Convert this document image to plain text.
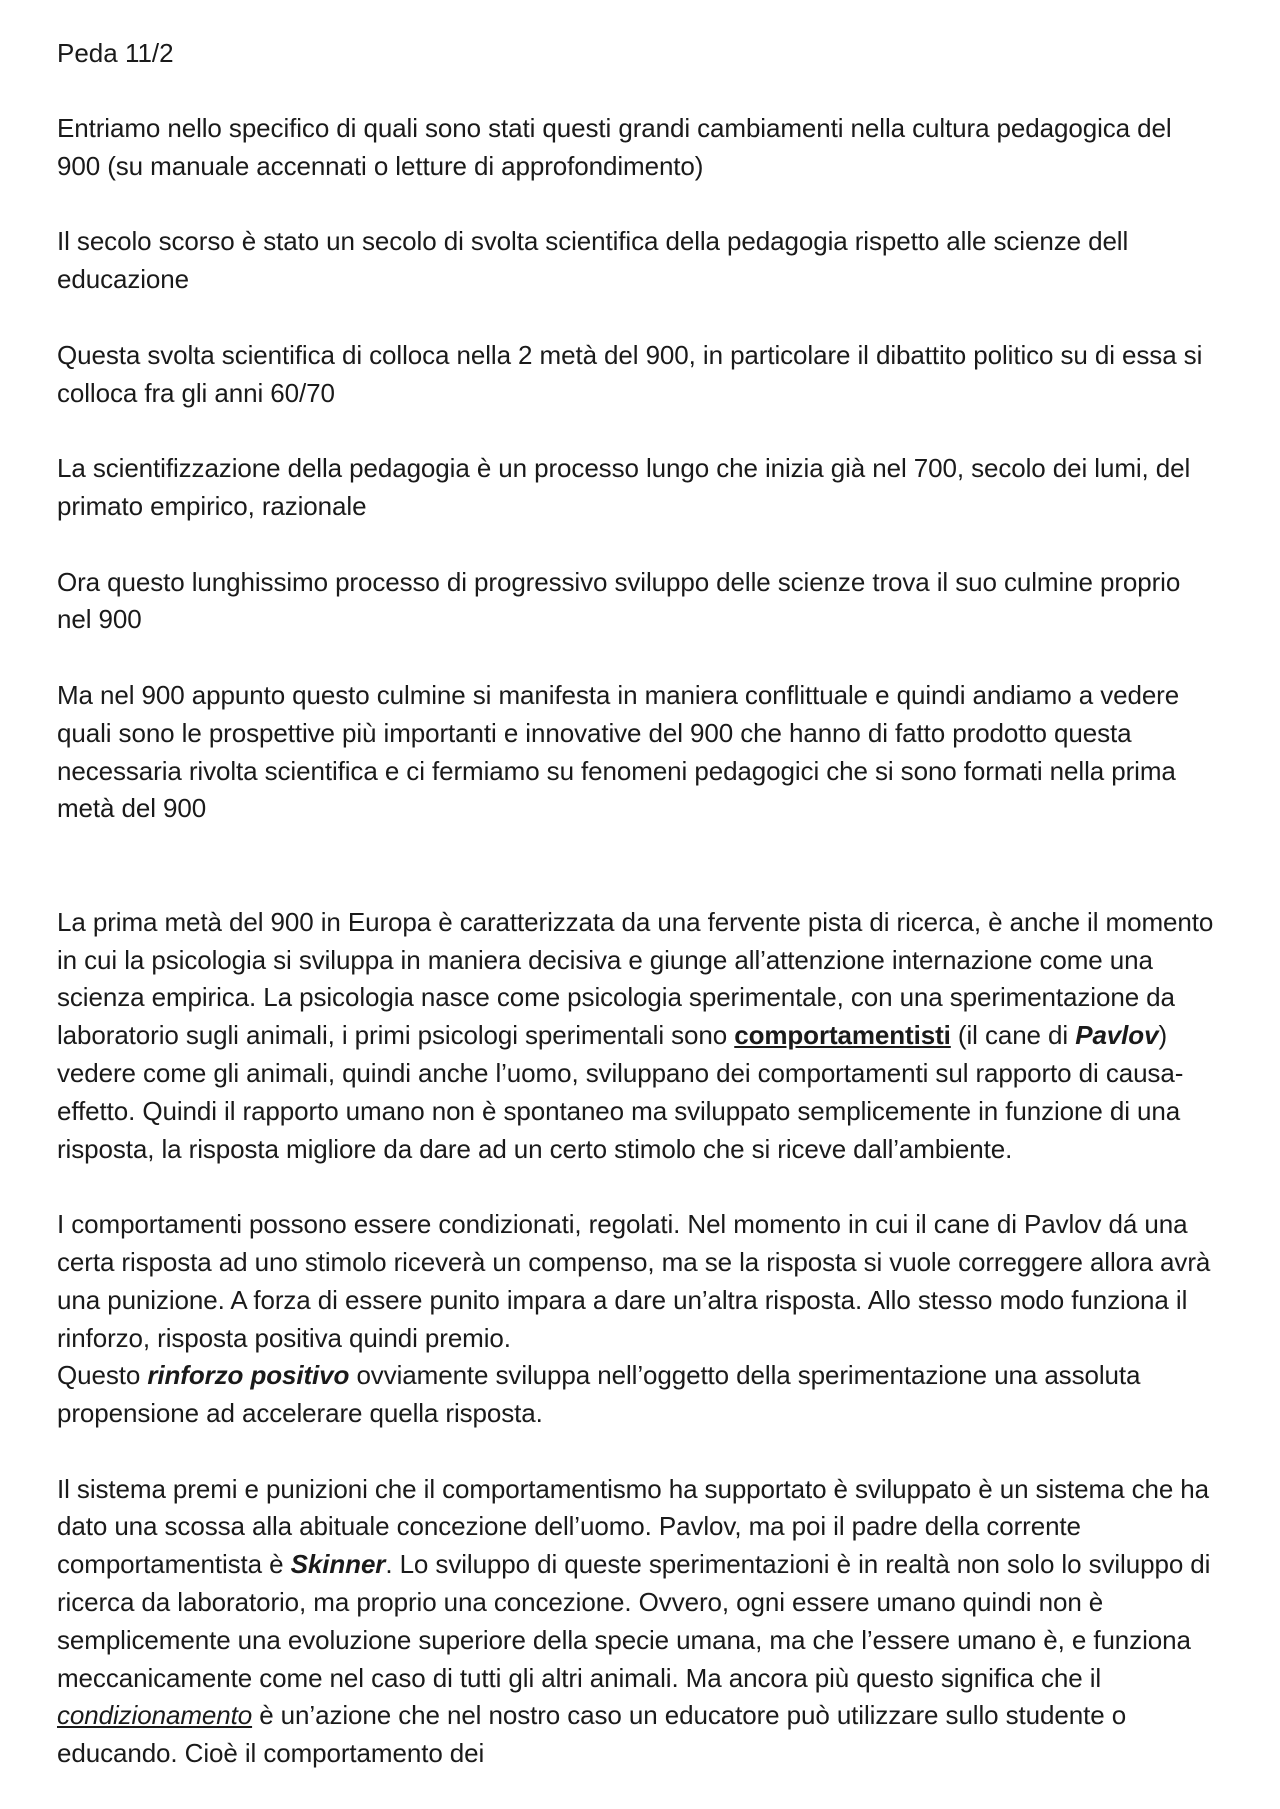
Peda 11/2

Entriamo nello specifico di quali sono stati questi grandi cambiamenti nella cultura pedagogica del 900 (su manuale accennati o letture di approfondimento)

Il secolo scorso è stato un secolo di svolta scientifica della pedagogia rispetto alle scienze dell educazione

Questa svolta scientifica di colloca nella 2 metà del 900, in particolare il dibattito politico su di essa si colloca fra gli anni 60/70

La scientifizzazione della pedagogia è un processo lungo che inizia già nel 700, secolo dei lumi, del primato empirico, razionale

Ora questo lunghissimo processo di progressivo sviluppo delle scienze trova il suo culmine proprio nel 900

Ma nel 900 appunto questo culmine si manifesta in maniera conflittuale e quindi andiamo a vedere quali sono le prospettive più importanti e innovative del 900 che hanno di fatto prodotto questa necessaria rivolta scientifica e ci fermiamo su fenomeni pedagogici che si sono formati nella prima metà del 900

La prima metà del 900 in Europa è caratterizzata da una fervente pista di ricerca, è anche il momento in cui la psicologia si sviluppa in maniera decisiva e giunge all’attenzione internazione come una scienza empirica. La psicologia nasce come psicologia sperimentale, con una sperimentazione da laboratorio sugli animali, i primi psicologi sperimentali sono comportamentisti (il cane di Pavlov) vedere come gli animali, quindi anche l’uomo, sviluppano dei comportamenti sul rapporto di causa-effetto. Quindi il rapporto umano non è spontaneo ma sviluppato semplicemente in funzione di una risposta, la risposta migliore da dare ad un certo stimolo che si riceve dall’ambiente.

I comportamenti possono essere condizionati, regolati. Nel momento in cui il cane di Pavlov dá una certa risposta ad uno stimolo riceverà un compenso, ma se la risposta si vuole correggere allora avrà una punizione. A forza di essere punito impara a dare un’altra risposta. Allo stesso modo funziona il rinforzo, risposta positiva quindi premio.
Questo rinforzo positivo ovviamente sviluppa nell’oggetto della sperimentazione una assoluta propensione ad accelerare quella risposta.

Il sistema premi e punizioni che il comportamentismo ha supportato è sviluppato è un sistema che ha dato una scossa alla abituale concezione dell’uomo. Pavlov, ma poi il padre della corrente comportamentista è Skinner. Lo sviluppo di queste sperimentazioni è in realtà non solo lo sviluppo di ricerca da laboratorio, ma proprio una concezione. Ovvero, ogni essere umano quindi non è semplicemente una evoluzione superiore della specie umana, ma che l’essere umano è, e funziona meccanicamente come nel caso di tutti gli altri animali. Ma ancora più questo significa che il condizionamento è un’azione che nel nostro caso un educatore può utilizzare sullo studente o educando. Cioè il comportamento dei
